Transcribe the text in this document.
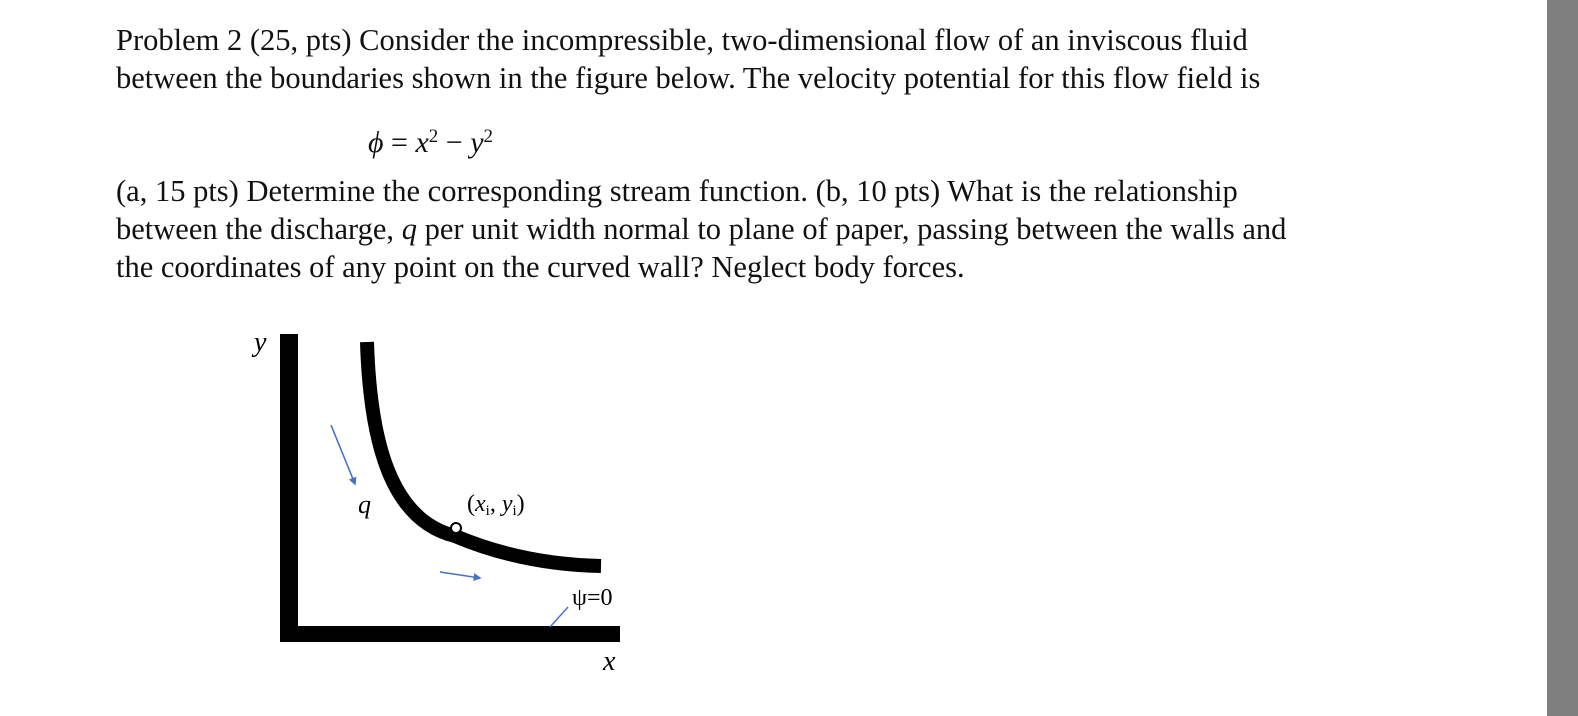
Problem 2 (25, pts) Consider the incompressible, two-dimensional flow of an inviscous fluid
between the boundaries shown in the figure below. The velocity potential for this flow field is
$\phi = x^2 - y^2$
(a, 15 pts) Determine the corresponding stream function. (b, 10 pts) What is the relationship
between the discharge, q per unit width normal to plane of paper, passing between the walls and
the coordinates of any point on the curved wall? Neglect body forces.
y
x
q	(xi, yi)
ψ=0
